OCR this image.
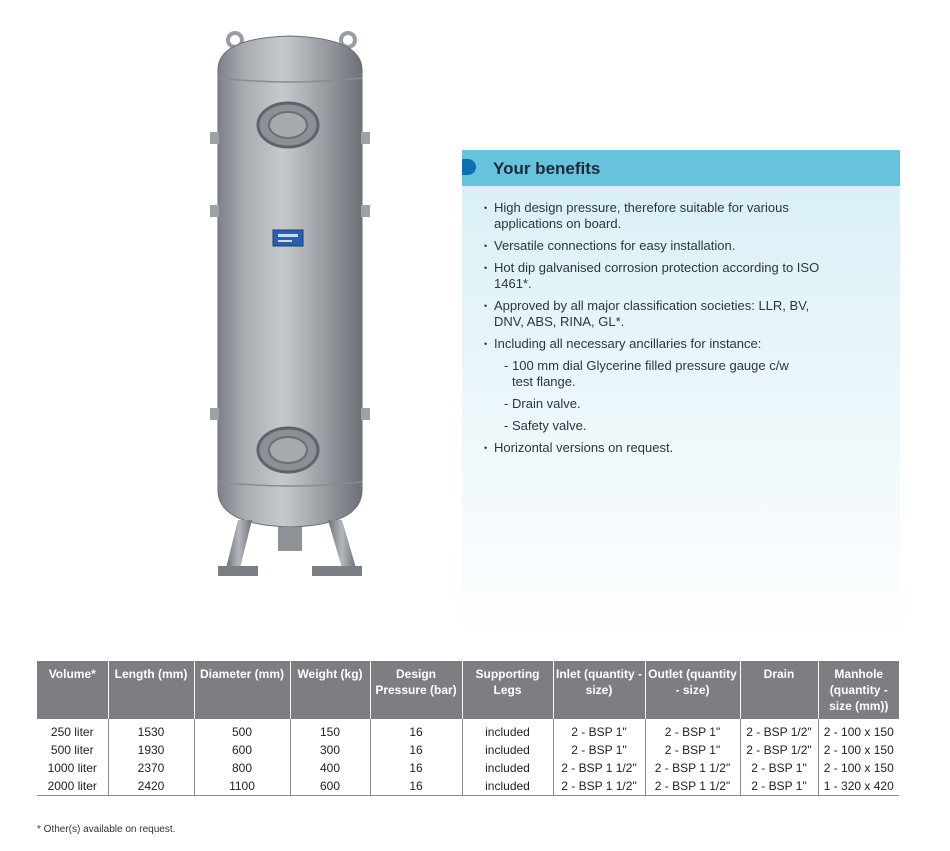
Your benefits
• High design pressure, therefore suitable for various applications on board.
• Versatile connections for easy installation.
• Hot dip galvanised corrosion protection according to ISO 1461*.
• Approved by all major classification societies: LLR, BV, DNV, ABS, RINA, GL*.
• Including all necessary ancillaries for instance:
- 100 mm dial Glycerine filled pressure gauge c/w test flange.
- Drain valve.
- Safety valve.
• Horizontal versions on request.
Volume*	Length (mm)	Diameter (mm)	Weight (kg)	Design Pressure (bar)	Supporting Legs	Inlet (quantity - size)	Outlet (quantity - size)	Drain	Manhole (quantity - size (mm))
250 liter	1530	500	150	16	included	2 - BSP 1"	2 - BSP 1"	2 - BSP 1/2"	2 - 100 x 150
500 liter	1930	600	300	16	included	2 - BSP 1"	2 - BSP 1"	2 - BSP 1/2"	2 - 100 x 150
1000 liter	2370	800	400	16	included	2 - BSP 1 1/2"	2 - BSP 1 1/2"	2 - BSP 1"	2 - 100 x 150
2000 liter	2420	1100	600	16	included	2 - BSP 1 1/2"	2 - BSP 1 1/2"	2 - BSP 1"	1 - 320 x 420
* Other(s) available on request.
